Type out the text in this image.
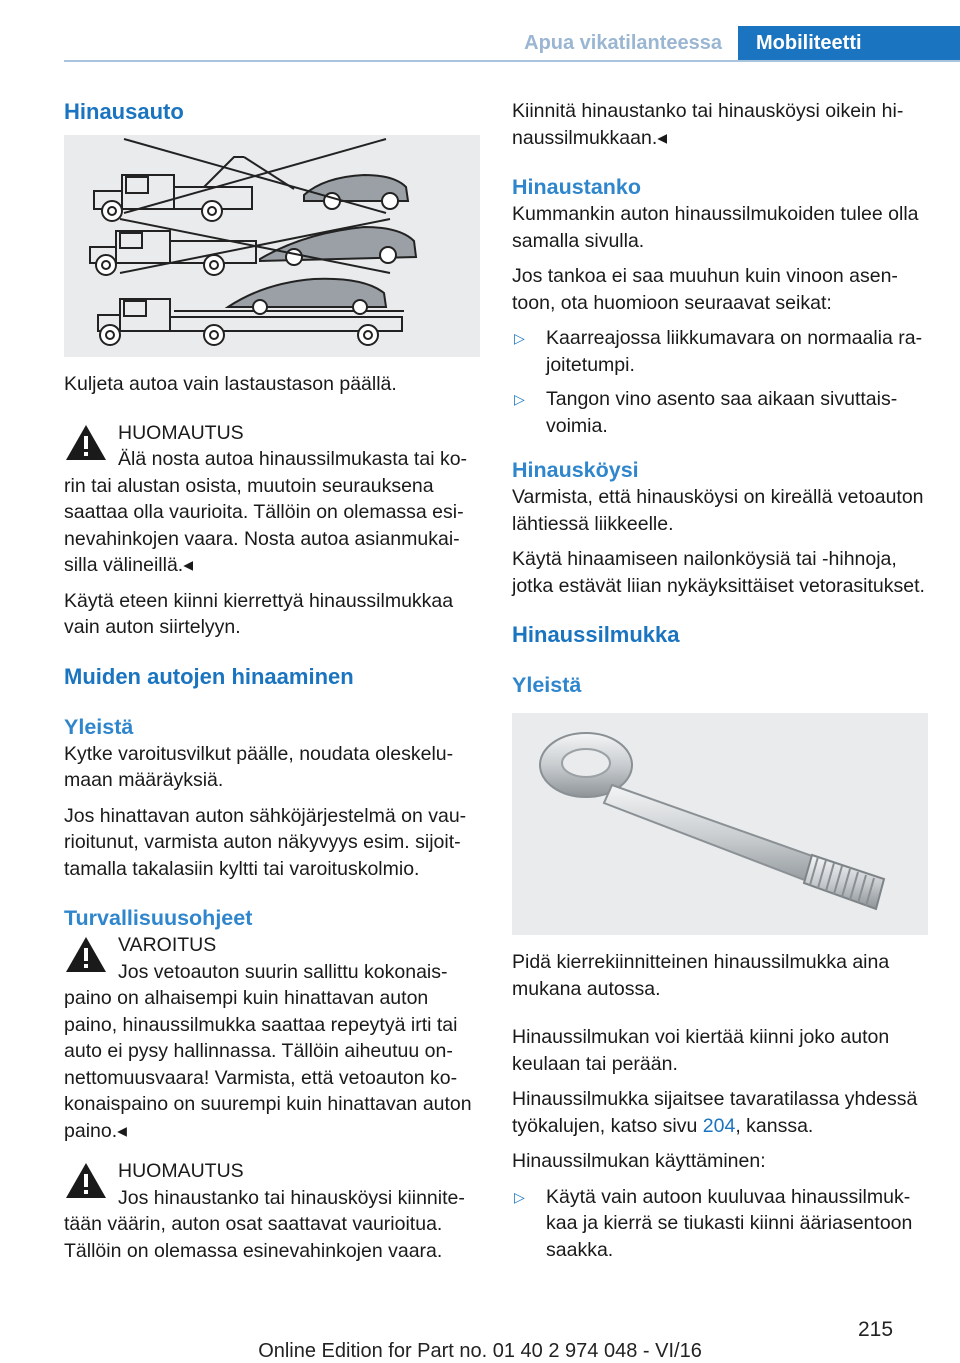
Apua vikatilanteessa	Mobiliteetti
Hinausauto

Kuljeta autoa vain lastaustason päällä.

HUOMAUTUS
Älä nosta autoa hinaussilmukasta tai korin tai alustan osista, muutoin seurauksena saattaa olla vaurioita. Tällöin on olemassa esinevahinkojen vaara. Nosta autoa asianmukaisilla välineillä.◂

Käytä eteen kiinni kierrettyä hinaussilmukkaa vain auton siirtelyyn.

Muiden autojen hinaaminen
Yleistä

Kytke varoitusvilkut päälle, noudata oleskelumaan määräyksiä.

Jos hinattavan auton sähköjärjestelmä on vaurioitunut, varmista auton näkyvyys esim. sijoittamalla takalasiin kyltti tai varoituskolmio.

Turvallisuusohjeet
VAROITUS
Jos vetoauton suurin sallittu kokonaispaino on alhaisempi kuin hinattavan auton paino, hinaussilmukka saattaa repeytyä irti tai auto ei pysy hallinnassa. Tällöin aiheutuu onnettomuusvaara! Varmista, että vetoauton kokonaispaino on suurempi kuin hinattavan auton paino.◂
HUOMAUTUS
Jos hinaustanko tai hinausköysi kiinnitetään väärin, auton osat saattavat vaurioitua. Tällöin on olemassa esinevahinkojen vaara.

Kiinnitä hinaustanko tai hinausköysi oikein hinaussilmukkaan.◂

Hinaustanko

Kummankin auton hinaussilmukoiden tulee olla samalla sivulla.

Jos tankoa ei saa muuhun kuin vinoon asentoon, ota huomioon seuraavat seikat:

▷ Kaarreajossa liikkumavara on normaalia rajoitetumpi.
▷ Tangon vino asento saa aikaan sivuttaisvoimia.
Hinausköysi

Varmista, että hinausköysi on kireällä vetoauton lähtiessä liikkeelle.

Käytä hinaamiseen nailonköysiä tai -hihnoja, jotka estävät liian nykäyksittäiset vetorasitukset.

Hinaussilmukka
Yleistä

Pidä kierrekiinnitteinen hinaussilmukka aina mukana autossa.

Hinaussilmukan voi kiertää kiinni joko auton keulaan tai perään.

Hinaussilmukka sijaitsee tavaratilassa yhdessä työkalujen, katso sivu 204, kanssa.

Hinaussilmukan käyttäminen:

▷ Käytä vain autoon kuuluvaa hinaussilmukkaa ja kierrä se tiukasti kiinni ääriasentoon saakka.
215
Online Edition for Part no. 01 40 2 974 048 - VI/16
